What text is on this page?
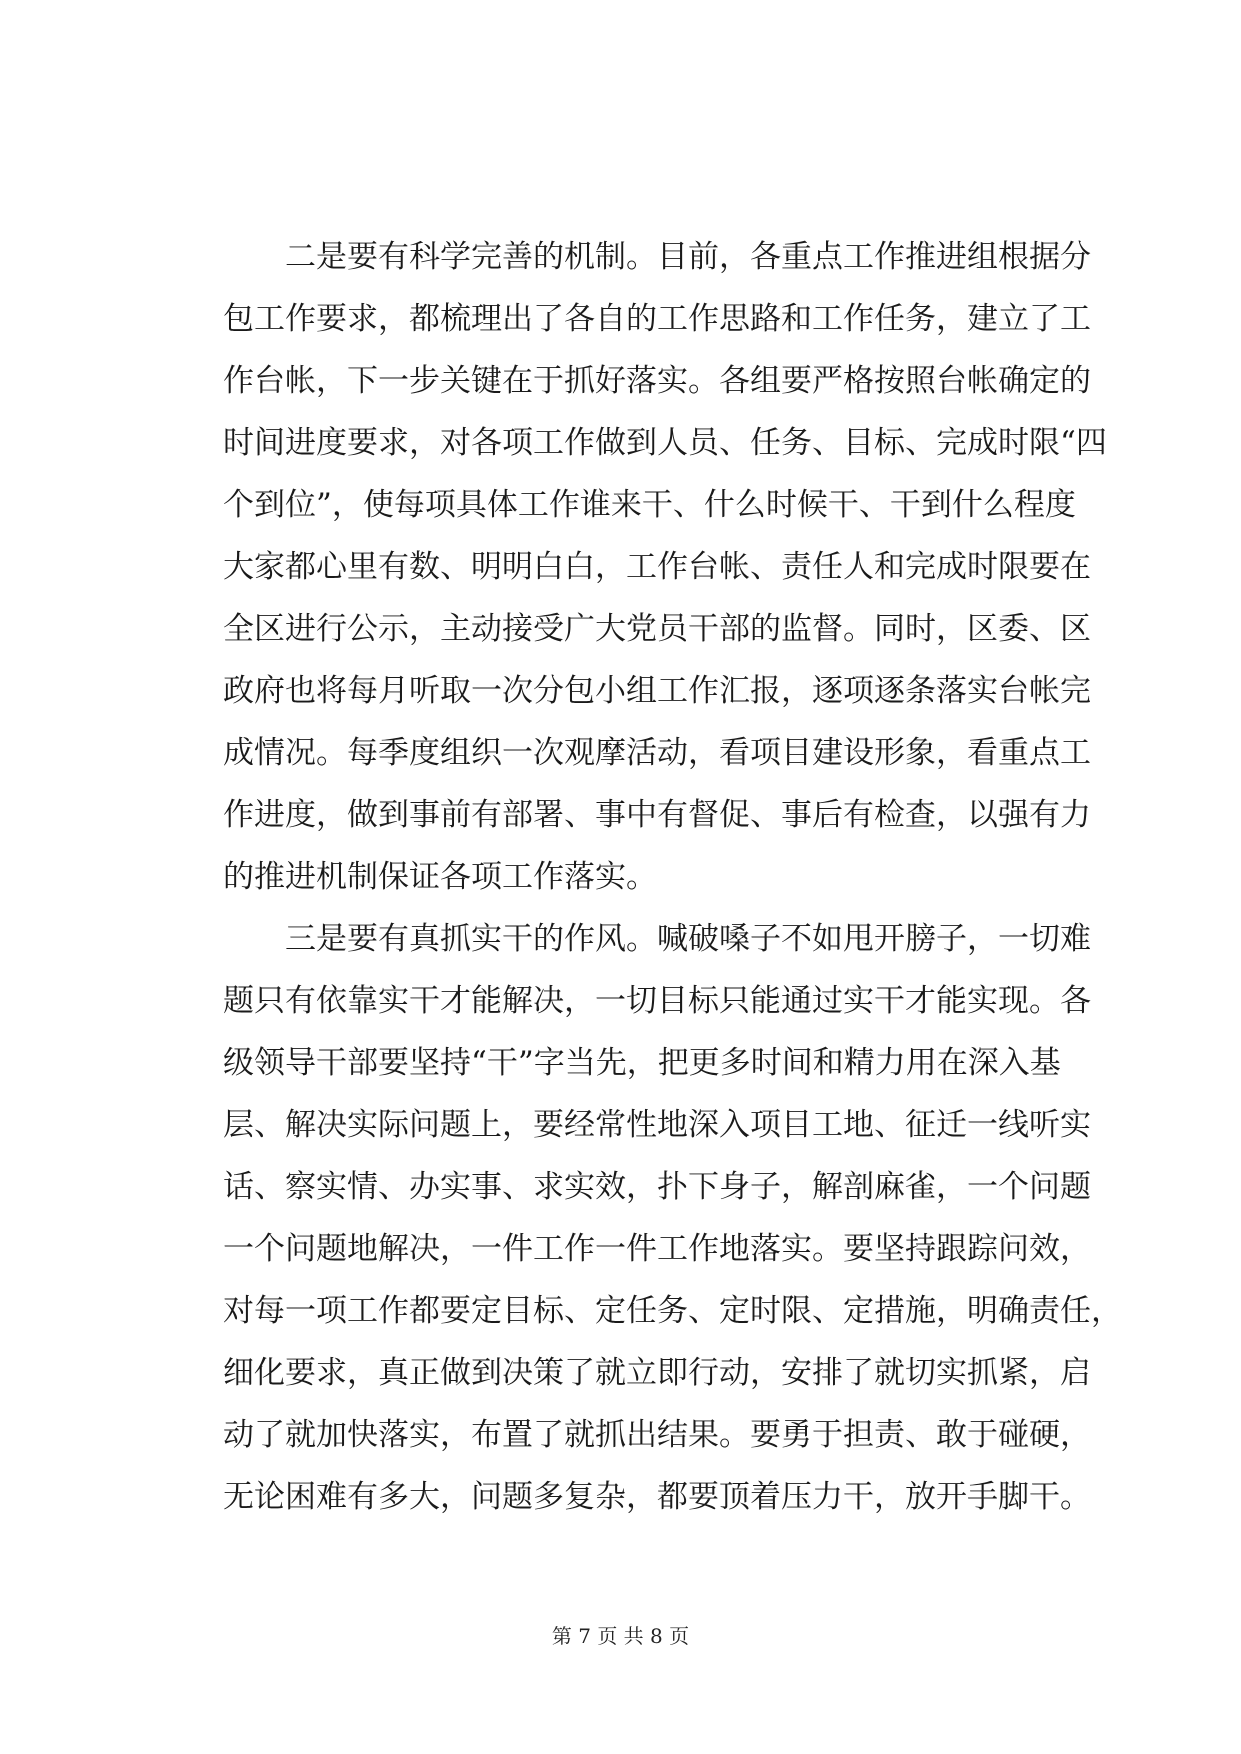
　　二是要有科学完善的机制。目前，各重点工作推进组根据分
包工作要求，都梳理出了各自的工作思路和工作任务，建立了工
作台帐，下一步关键在于抓好落实。各组要严格按照台帐确定的
时间进度要求，对各项工作做到人员、任务、目标、完成时限“四
个到位”，使每项具体工作谁来干、什么时候干、干到什么程度
大家都心里有数、明明白白，工作台帐、责任人和完成时限要在
全区进行公示，主动接受广大党员干部的监督。同时，区委、区
政府也将每月听取一次分包小组工作汇报，逐项逐条落实台帐完
成情况。每季度组织一次观摩活动，看项目建设形象，看重点工
作进度，做到事前有部署、事中有督促、事后有检查，以强有力
的推进机制保证各项工作落实。
　　三是要有真抓实干的作风。喊破嗓子不如甩开膀子，一切难
题只有依靠实干才能解决，一切目标只能通过实干才能实现。各
级领导干部要坚持“干”字当先，把更多时间和精力用在深入基
层、解决实际问题上，要经常性地深入项目工地、征迁一线听实
话、察实情、办实事、求实效，扑下身子，解剖麻雀，一个问题
一个问题地解决，一件工作一件工作地落实。要坚持跟踪问效，
对每一项工作都要定目标、定任务、定时限、定措施，明确责任，
细化要求，真正做到决策了就立即行动，安排了就切实抓紧，启
动了就加快落实，布置了就抓出结果。要勇于担责、敢于碰硬，
无论困难有多大，问题多复杂，都要顶着压力干，放开手脚干。
第 7 页 共 8 页
